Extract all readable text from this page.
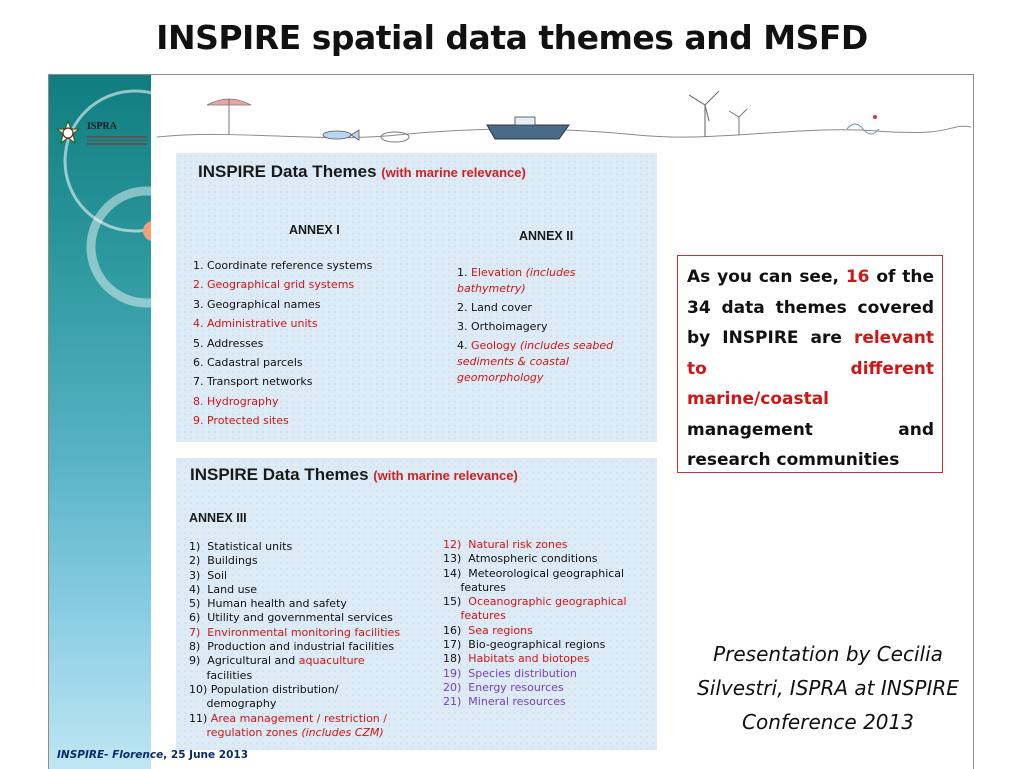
INSPIRE spatial data themes and MSFD
ISPRA
INSPIRE Data Themes (with marine relevance)
ANNEX I	ANNEX II
1. Coordinate reference systems
2. Geographical grid systems
3. Geographical names
4. Administrative units
5. Addresses
6. Cadastral parcels
7. Transport networks
8. Hydrography
9. Protected sites
1. Elevation (includes bathymetry)
2. Land cover
3. Orthoimagery
4. Geology (includes seabed sediments & coastal geomorphology
INSPIRE Data Themes (with marine relevance)
ANNEX III
1)  Statistical units
2)  Buildings
3)  Soil
4)  Land use
5)  Human health and safety
6)  Utility and governmental services
7)  Environmental monitoring facilities
8)  Production and industrial facilities
9)  Agricultural and aquaculture
facilities
10) Population distribution/
demography
11) Area management / restriction /
regulation zones (includes CZM)
12)  Natural risk zones
13)  Atmospheric conditions
14)  Meteorological geographical
features
15)  Oceanographic geographical
features
16)  Sea regions
17)  Bio-geographical regions
18)  Habitats and biotopes
19)  Species distribution
20)  Energy resources
21)  Mineral resources
As you can see, 16 of the 34 data themes covered by INSPIRE are relevant to different marine/coastal management and research communities
Presentation by Cecilia Silvestri, ISPRA at INSPIRE Conference 2013
INSPIRE- Florence, 25 June 2013
